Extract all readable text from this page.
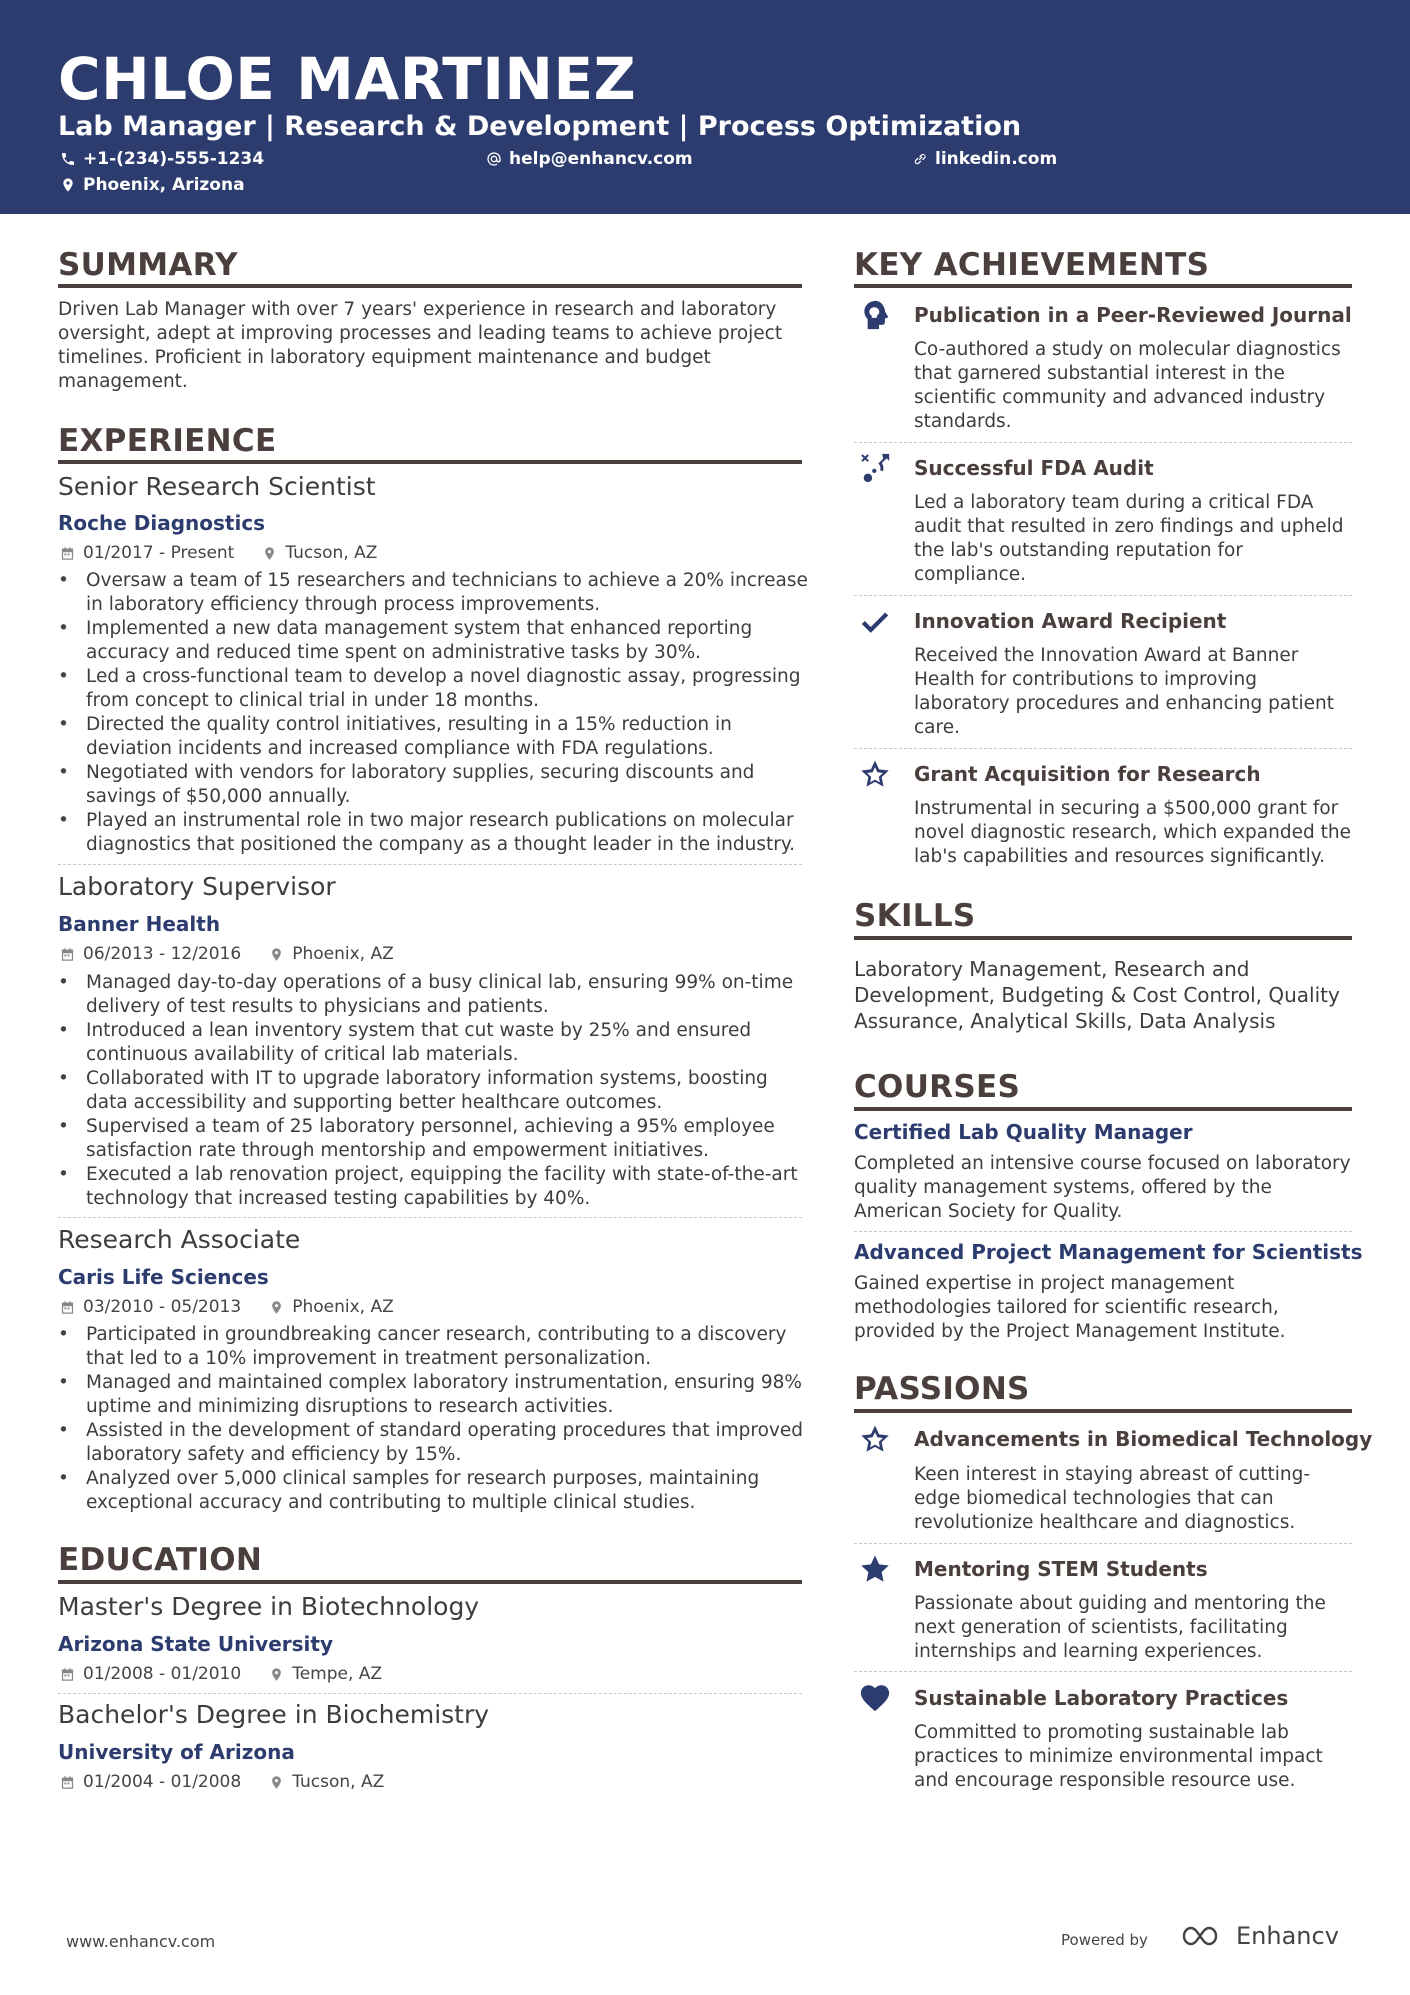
CHLOE MARTINEZ
Lab Manager | Research & Development | Process Optimization
+1-(234)-555-1234	help@enhancv.com	linkedin.com
Phoenix, Arizona
SUMMARY
Driven Lab Manager with over 7 years' experience in research and laboratory
oversight, adept at improving processes and leading teams to achieve project
timelines. Proficient in laboratory equipment maintenance and budget
management.
EXPERIENCE
Senior Research Scientist
Roche Diagnostics
01/2017 - Present	Tucson, AZ
• Oversaw a team of 15 researchers and technicians to achieve a 20% increase
in laboratory efficiency through process improvements.
• Implemented a new data management system that enhanced reporting
accuracy and reduced time spent on administrative tasks by 30%.
• Led a cross-functional team to develop a novel diagnostic assay, progressing
from concept to clinical trial in under 18 months.
• Directed the quality control initiatives, resulting in a 15% reduction in
deviation incidents and increased compliance with FDA regulations.
• Negotiated with vendors for laboratory supplies, securing discounts and
savings of $50,000 annually.
• Played an instrumental role in two major research publications on molecular
diagnostics that positioned the company as a thought leader in the industry.
Laboratory Supervisor
Banner Health
06/2013 - 12/2016	Phoenix, AZ
• Managed day-to-day operations of a busy clinical lab, ensuring 99% on-time
delivery of test results to physicians and patients.
• Introduced a lean inventory system that cut waste by 25% and ensured
continuous availability of critical lab materials.
• Collaborated with IT to upgrade laboratory information systems, boosting
data accessibility and supporting better healthcare outcomes.
• Supervised a team of 25 laboratory personnel, achieving a 95% employee
satisfaction rate through mentorship and empowerment initiatives.
• Executed a lab renovation project, equipping the facility with state-of-the-art
technology that increased testing capabilities by 40%.
Research Associate
Caris Life Sciences
03/2010 - 05/2013	Phoenix, AZ
• Participated in groundbreaking cancer research, contributing to a discovery
that led to a 10% improvement in treatment personalization.
• Managed and maintained complex laboratory instrumentation, ensuring 98%
uptime and minimizing disruptions to research activities.
• Assisted in the development of standard operating procedures that improved
laboratory safety and efficiency by 15%.
• Analyzed over 5,000 clinical samples for research purposes, maintaining
exceptional accuracy and contributing to multiple clinical studies.
EDUCATION
Master's Degree in Biotechnology
Arizona State University
01/2008 - 01/2010	Tempe, AZ
Bachelor's Degree in Biochemistry
University of Arizona
01/2004 - 01/2008	Tucson, AZ
KEY ACHIEVEMENTS
Publication in a Peer-Reviewed Journal
Co-authored a study on molecular diagnostics
that garnered substantial interest in the
scientific community and advanced industry
standards.
Successful FDA Audit
Led a laboratory team during a critical FDA
audit that resulted in zero findings and upheld
the lab's outstanding reputation for
compliance.
Innovation Award Recipient
Received the Innovation Award at Banner
Health for contributions to improving
laboratory procedures and enhancing patient
care.
Grant Acquisition for Research
Instrumental in securing a $500,000 grant for
novel diagnostic research, which expanded the
lab's capabilities and resources significantly.
SKILLS
Laboratory Management, Research and
Development, Budgeting & Cost Control, Quality
Assurance, Analytical Skills, Data Analysis
COURSES
Certified Lab Quality Manager
Completed an intensive course focused on laboratory
quality management systems, offered by the
American Society for Quality.
Advanced Project Management for Scientists
Gained expertise in project management
methodologies tailored for scientific research,
provided by the Project Management Institute.
PASSIONS
Advancements in Biomedical Technology
Keen interest in staying abreast of cutting-
edge biomedical technologies that can
revolutionize healthcare and diagnostics.
Mentoring STEM Students
Passionate about guiding and mentoring the
next generation of scientists, facilitating
internships and learning experiences.
Sustainable Laboratory Practices
Committed to promoting sustainable lab
practices to minimize environmental impact
and encourage responsible resource use.
www.enhancv.com	Powered by	Enhancv
